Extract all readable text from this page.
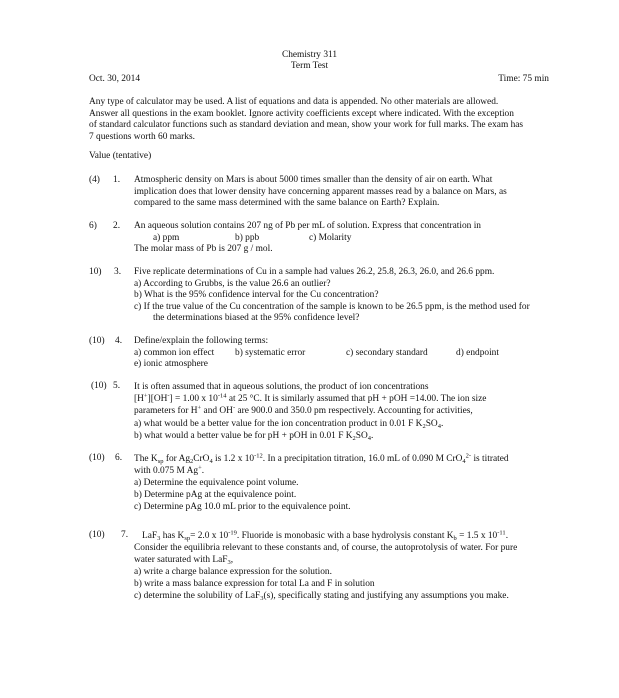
Chemistry 311
Term Test
Oct. 30, 2014	Time: 75 min
Any type of calculator may be used. A list of equations and data is appended. No other materials are allowed.
Answer all questions in the exam booklet. Ignore activity coefficients except where indicated. With the exception
of standard calculator functions such as standard deviation and mean, show your work for full marks. The exam has
7 questions worth 60 marks.
Value (tentative)
(4) 1. Atmospheric density on Mars is about 5000 times smaller than the density of air on earth. What
implication does that lower density have concerning apparent masses read by a balance on Mars, as
compared to the same mass determined with the same balance on Earth? Explain.
6) 2. An aqueous solution contains 207 ng of Pb per mL of solution. Express that concentration in
a) ppm	b) ppb	c) Molarity
The molar mass of Pb is 207 g / mol.
10) 3. Five replicate determinations of Cu in a sample had values 26.2, 25.8, 26.3, 26.0, and 26.6 ppm.
a) According to Grubbs, is the value 26.6 an outlier?
b) What is the 95% confidence interval for the Cu concentration?
c) If the true value of the Cu concentration of the sample is known to be 26.5 ppm, is the method used for
the determinations biased at the 95% confidence level?
(10) 4. Define/explain the following terms:
a) common ion effect b) systematic error	c) secondary standard	d) endpoint
e) ionic atmosphere
(10) 5. It is often assumed that in aqueous solutions, the product of ion concentrations
[H+][OH-] = 1.00 x $10^{-14}$ at 25 °C. It is similarly assumed that pH + pOH =14.00. The ion size
parameters for H+ and OH- are 900.0 and 350.0 pm respectively. Accounting for activities,
a) what would be a better value for the ion concentration product in 0.01 F $K_2SO_4$.
b) what would a better value be for pH + pOH in 0.01 F $K_2SO_4$.
(10) 6. The $K_{sp}$ for $Ag_2CrO_4$ is 1.2 x $10^{-12}$. In a precipitation titration, 16.0 mL of 0.090 M CrO$_4^{2-}$ is titrated
with 0.075 M Ag+.
a) Determine the equivalence point volume.
b) Determine pAg at the equivalence point.
c) Determine pAg 10.0 mL prior to the equivalence point.
(10) 7.	LaF$_3$ has $K_{sp}= 2.0$ x $10^{-19}$. Fluoride is monobasic with a base hydrolysis constant $K_b = 1.5$ x $10^{-11}$.
Consider the equilibria relevant to these constants and, of course, the autoprotolysis of water. For pure
water saturated with LaF$_3$,
a) write a charge balance expression for the solution.
b) write a mass balance expression for total La and F in solution
c) determine the solubility of LaF$_3$(s), specifically stating and justifying any assumptions you make.
